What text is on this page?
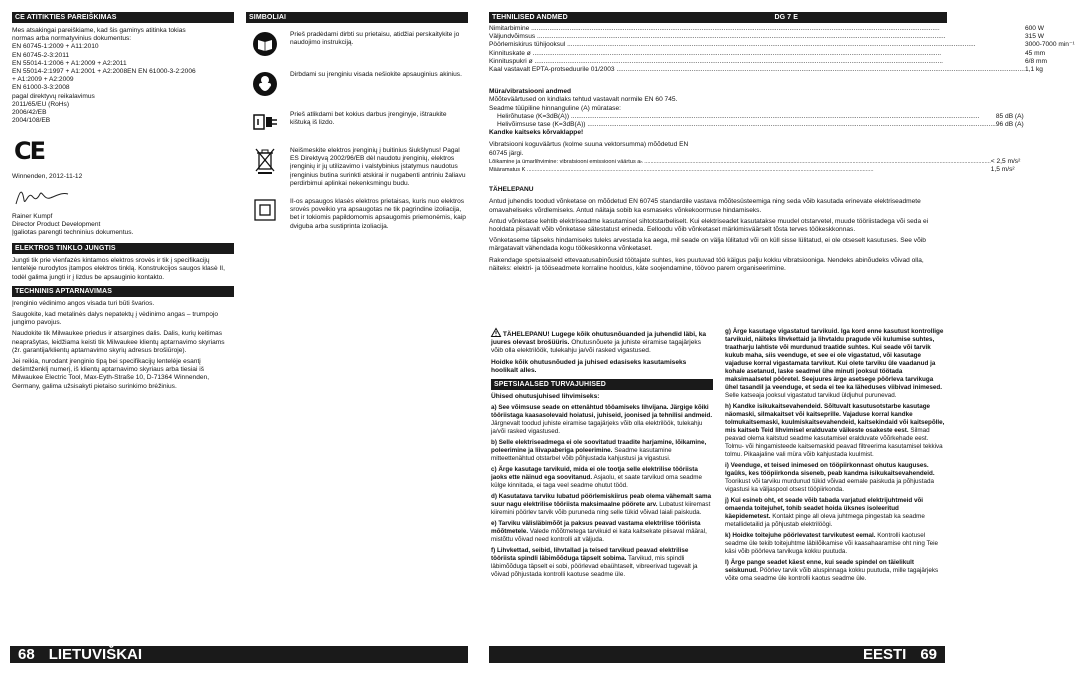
CE ATITIKTIES PAREIŠKIMAS
Mes atsakingai pareiškiame, kad šis gaminys atitinka tokias
normas arba normatyvinius dokumentus:
EN 60745-1:2009 + A11:2010
EN 60745-2-3:2011
EN 55014-1:2006 + A1:2009 + A2:2011
EN 55014-2:1997 + A1:2001 + A2:2008EN EN 61000-3-2:2006
+ A1:2009 + A2:2009
EN 61000-3-3:2008
pagal direktyvų reikalavimus
2011/65/EU (RoHs)
2006/42/EB
2004/108/EB
CE
Winnenden, 2012-11-12
Rainer Kumpf
Director Product Development
Įgaliotas parengti techninius dokumentus.
ELEKTROS TINKLO JUNGTIS

Jungti tik prie vienfazės kintamos elektros srovės ir tik į specifikacijų lentelėje nurodytos įtampos elektros tinklą. Konstrukcijos saugos klasė II, todėl galima jungti ir į lizdus be apsauginio kontakto.

TECHNINIS APTARNAVIMAS

Įrenginio vėdinimo angos visada turi būti švarios.

Saugokite, kad metalinės dalys nepatektų į vėdinimo angas – trumpojo jungimo pavojus.

Naudokite tik Milwaukee priedus ir atsargines dalis. Dalis, kurių keitimas neaprašytas, leidžiama keisti tik Milwaukee klientų aptarnavimo skyriams (žr. garantija/klientų aptarnavimo skyrių adresus brošiūroje).

Jei reikia, nurodant įrenginio tipą bei specifikacijų lentelėje esantį dešimtženklį numerį, iš klientų aptarnavimo skyriaus arba tiesiai iš Milwaukee Electric Tool, Max-Eyth-Straße 10, D-71364 Winnenden, Germany, galima užsisakyti pietaiso surinkimo brėžinius.

SIMBOLIAI
Prieš pradėdami dirbti su prietaisu, atidžiai perskaitykite jo naudojimo instrukciją.
Dirbdami su įrenginiu visada nešiokite apsauginius akinius.
Prieš atlikdami bet kokius darbus įrenginyje, ištraukite kištuką iš lizdo.
Neišmeskite elektros įrenginių į buitinius šiukšlynus! Pagal ES Direktyvą 2002/96/EB dėl naudotu įrenginių, elektros įrenginių ir jų utilizavimo i valstybinius įstatymus naudotus įrenginius butina surinkti atskirai ir nugabenti antriniu žaliavu perdirbimui aplinkai nekenksmingu budu.
II-os apsaugos klasės elektros prietaisas, kuris nuo elektros srovės poveikio yra apsaugotas ne tik pagrindine izoliacija, bet ir tokiomis papildomomis apsaugomis priemonėmis, kaip dviguba arba sustiprinta izoliacija.
68 LIETUVIŠKAI
TEHNILISED ANDMED	DG 7 E
Nimitarbimine .....	600 W
Väljundvõimsus .....	315 W
Pöörlemiskirus tühijooksul .....	3000-7000 min⁻¹
Kinnituskate ø .....	45 mm
Kinnituspukri ø .....	6/8 mm
Kaal vastavalt EPTA-protseduurile 01/2003 .....	1,1 kg
Müra/vibratsiooni andmed
Mõõteväärtused on kindlaks tehtud vastavalt normile EN 60 745.
Seadme tüüpiline hinnanguline (A) müratase:
Helirõhutase (K=3dB(A)) .....	85 dB (A)
Helivõimsuse tase (K=3dB(A)) .....	96 dB (A)
Kandke kaitseks kõrvaklappe!
Vibratsiooni koguväärtus (kolme suuna vektorsumma) mõõdetud EN 60745 järgi.
Lõikamine ja ümarlihvimine: vibratsiooni emissiooni väärtus aₕ .....	< 2,5 m/s²
Määramatus K .....	1,5 m/s²
TÄHELEPANU

Antud juhendis toodud võnketase on mõõdetud EN 60745 standardile vastava mõõtesüsteemiga ning seda võib kasutada erinevate elektriseadmete omavaheliseks võrdlemiseks. Antud näitaja sobib ka esmaseks võnkekoormuse hindamiseks.

Antud võnketase kehtib elektriseadme kasutamisel sihtotstarbeliselt. Kui elektriseadet kasutatakse muudel otstarvetel, muude tööriistadega või seda ei hooldata piisavalt võib võnketase sätestatust erineda. Eelloodu võib võnketaset märkimisväärselt tõsta terves töökeskkonnas.

Võnketaseme täpseks hindamiseks tuleks arvestada ka aega, mil seade on välja lülitatud või on küll sisse lülitatud, ei ole otseselt kasutuses. See võib märgatavalt vähendada kogu töökeskkonna võnketaset.

Rakendage spetsiaalseid ettevaatusabinõusid töötajate suhtes, kes puutuvad töö käigus palju kokku vibratsiooniga. Nendeks abinõudeks võivad olla, näiteks: elektri- ja tööseadmete korraline hooldus, käte soojendamine, töövoo parem organiseerimine.

TÄHELEPANU! Lugege kõik ohutusnõuanded ja juhendid läbi, ka juures olevast brošüüris. Ohutusnõuete ja juhiste eiramise tagajärjeks võib olla elektrilöök, tulekahju ja/või rasked vigastused.

Hoidke kõik ohutusnõuded ja juhised edasiseks kasutamiseks hoolikalt alles.

SPETSIAALSED TURVAJUHISED
Ühised ohutusjuhised lihvimiseks:

a) See võimsuse seade on ettenähtud tööamiseks lihvijana. Järgige kõiki tööriistaga kaasasolevaid hoiatusi, juhiseid, joonised ja tehnilisi andmeid. Järgnevalt toodud juhiste eiramise tagajärjeks võib olla elektrilöök, tulekahju ja/või rasked vigastused.

b) Selle elektriseadmega ei ole soovitatud traadite harjamine, lõikamine, poleerimine ja liivapaberiga poleerimine. Seadme kasutamine mitteettenähtud otstarbel võib põhjustada kahjustusi ja vigastusi.

c) Ärge kasutage tarvikuid, mida ei ole tootja selle elektrilise tööriista jaoks ette näinud ega soovitanud. Asjaolu, et saate tarvikud oma seadme külge kinnitada, ei taga veel seadme ohutut tööd.

d) Kasutatava tarviku lubatud pöörlemiskiirus peab olema vähemalt sama suur nagu elektrilise tööriista maksimaalne pöörete arv. Lubatust kiiremast kiiremini pöörlev tarvik võib puruneda ning selle tükid võivad laiali paiskuda.

e) Tarviku välisläbimõõt ja paksus peavad vastama elektrilise tööriista mõõtmetele. Valede mõõtmetega tarvikuid ei kata kaitsekate piisaval määral, mistõttu võivad need kontrolli alt väljuda.

f) Lihvkettad, seibid, lihvtallad ja teised tarvikud peavad elektrilise tööriista spindli läbimõõduga täpselt sobima. Tarvikud, mis spindli läbimõõduga täpselt ei sobi, pöörlevad ebaühtaselt, vibreerivad tugevalt ja võivad põhjustada kontrolli kaotuse seadme üle.

g) Ärge kasutage vigastatud tarvikuid. Iga kord enne kasutust kontrollige tarvikuid, näiteks lihvkettaid ja lihvtaldu pragude või kulumise suhtes, traatharju lahtiste või murdunud traatide suhtes. Kui seade või tarvik kukub maha, siis veenduge, et see ei ole vigastatud, või kasutage vajaduse korral vigastamata tarvikut. Kui olete tarviku üle vaadanud ja kohale asetanud, laske seadmel ühe minuti jooksul töötada maksimaalsetel pööretel. Seejuures ärge asetsege pöörleva tarvikuga ühel tasandil ja veenduge, et seda ei tee ka läheduses viibivad inimesed. Selle katseaja jooksul vigastatud tarvikud üldjuhul purunevad.

h) Kandke isikukaitsevahendeid. Sõltuvalt kasutusotstarbe kasutage näomaski, silmakaitset või kaitseprille. Vajaduse korral kandke tolmukaitsemaski, kuulmiskaitsevahendeid, kaitsekindaid või kaitsepõlle, mis kaitseb Teid lihvimisel eralduvate väikeste osakeste eest. Silmad peavad olema kaitstud seadme kasutamisel eralduvate võõrkehade eest. Tolmu- või hingamisteede kaitsemaskid peavad filtreerima kasutamisel tekkiva tolmu. Pikaajaline vali müra võib kahjustada kuulmist.

i) Veenduge, et teised inimesed on tööpiirkonnast ohutus kauguses. Igaüks, kes tööpiirkonda siseneb, peab kandma isikukaitsevahendeid. Toorikust või tarviku murdunud tükid võivad eemale paiskuda ja põhjustada vigastusi ka väljaspool otsest tööpiirkonda.

j) Kui esineb oht, et seade võib tabada varjatud elektrijuhtmeid või omaenda toitejuhet, tohib seadet hoida üksnes isoleeritud käepidemetest. Kontakt pinge all oleva juhtmega pingestab ka seadme metallidetailid ja põhjustab elektrilöögi.

k) Hoidke toitejuhe pöörlevatest tarvikutest eemal. Kontrolli kaotusel seadme üle tekib toitejuhtme läbilõikamise või kaasahaaramise oht ning Teie käsi võib pöörleva tarvikuga kokku puutuda.

l) Ärge pange seadet käest enne, kui seade spindel on täielikult seiskunud. Pöörlev tarvik võib aluspinnaga kokku puutuda, mille tagajärjeks võite oma seadme üle kontrolli kaotus seadme üle.

EESTI 69
